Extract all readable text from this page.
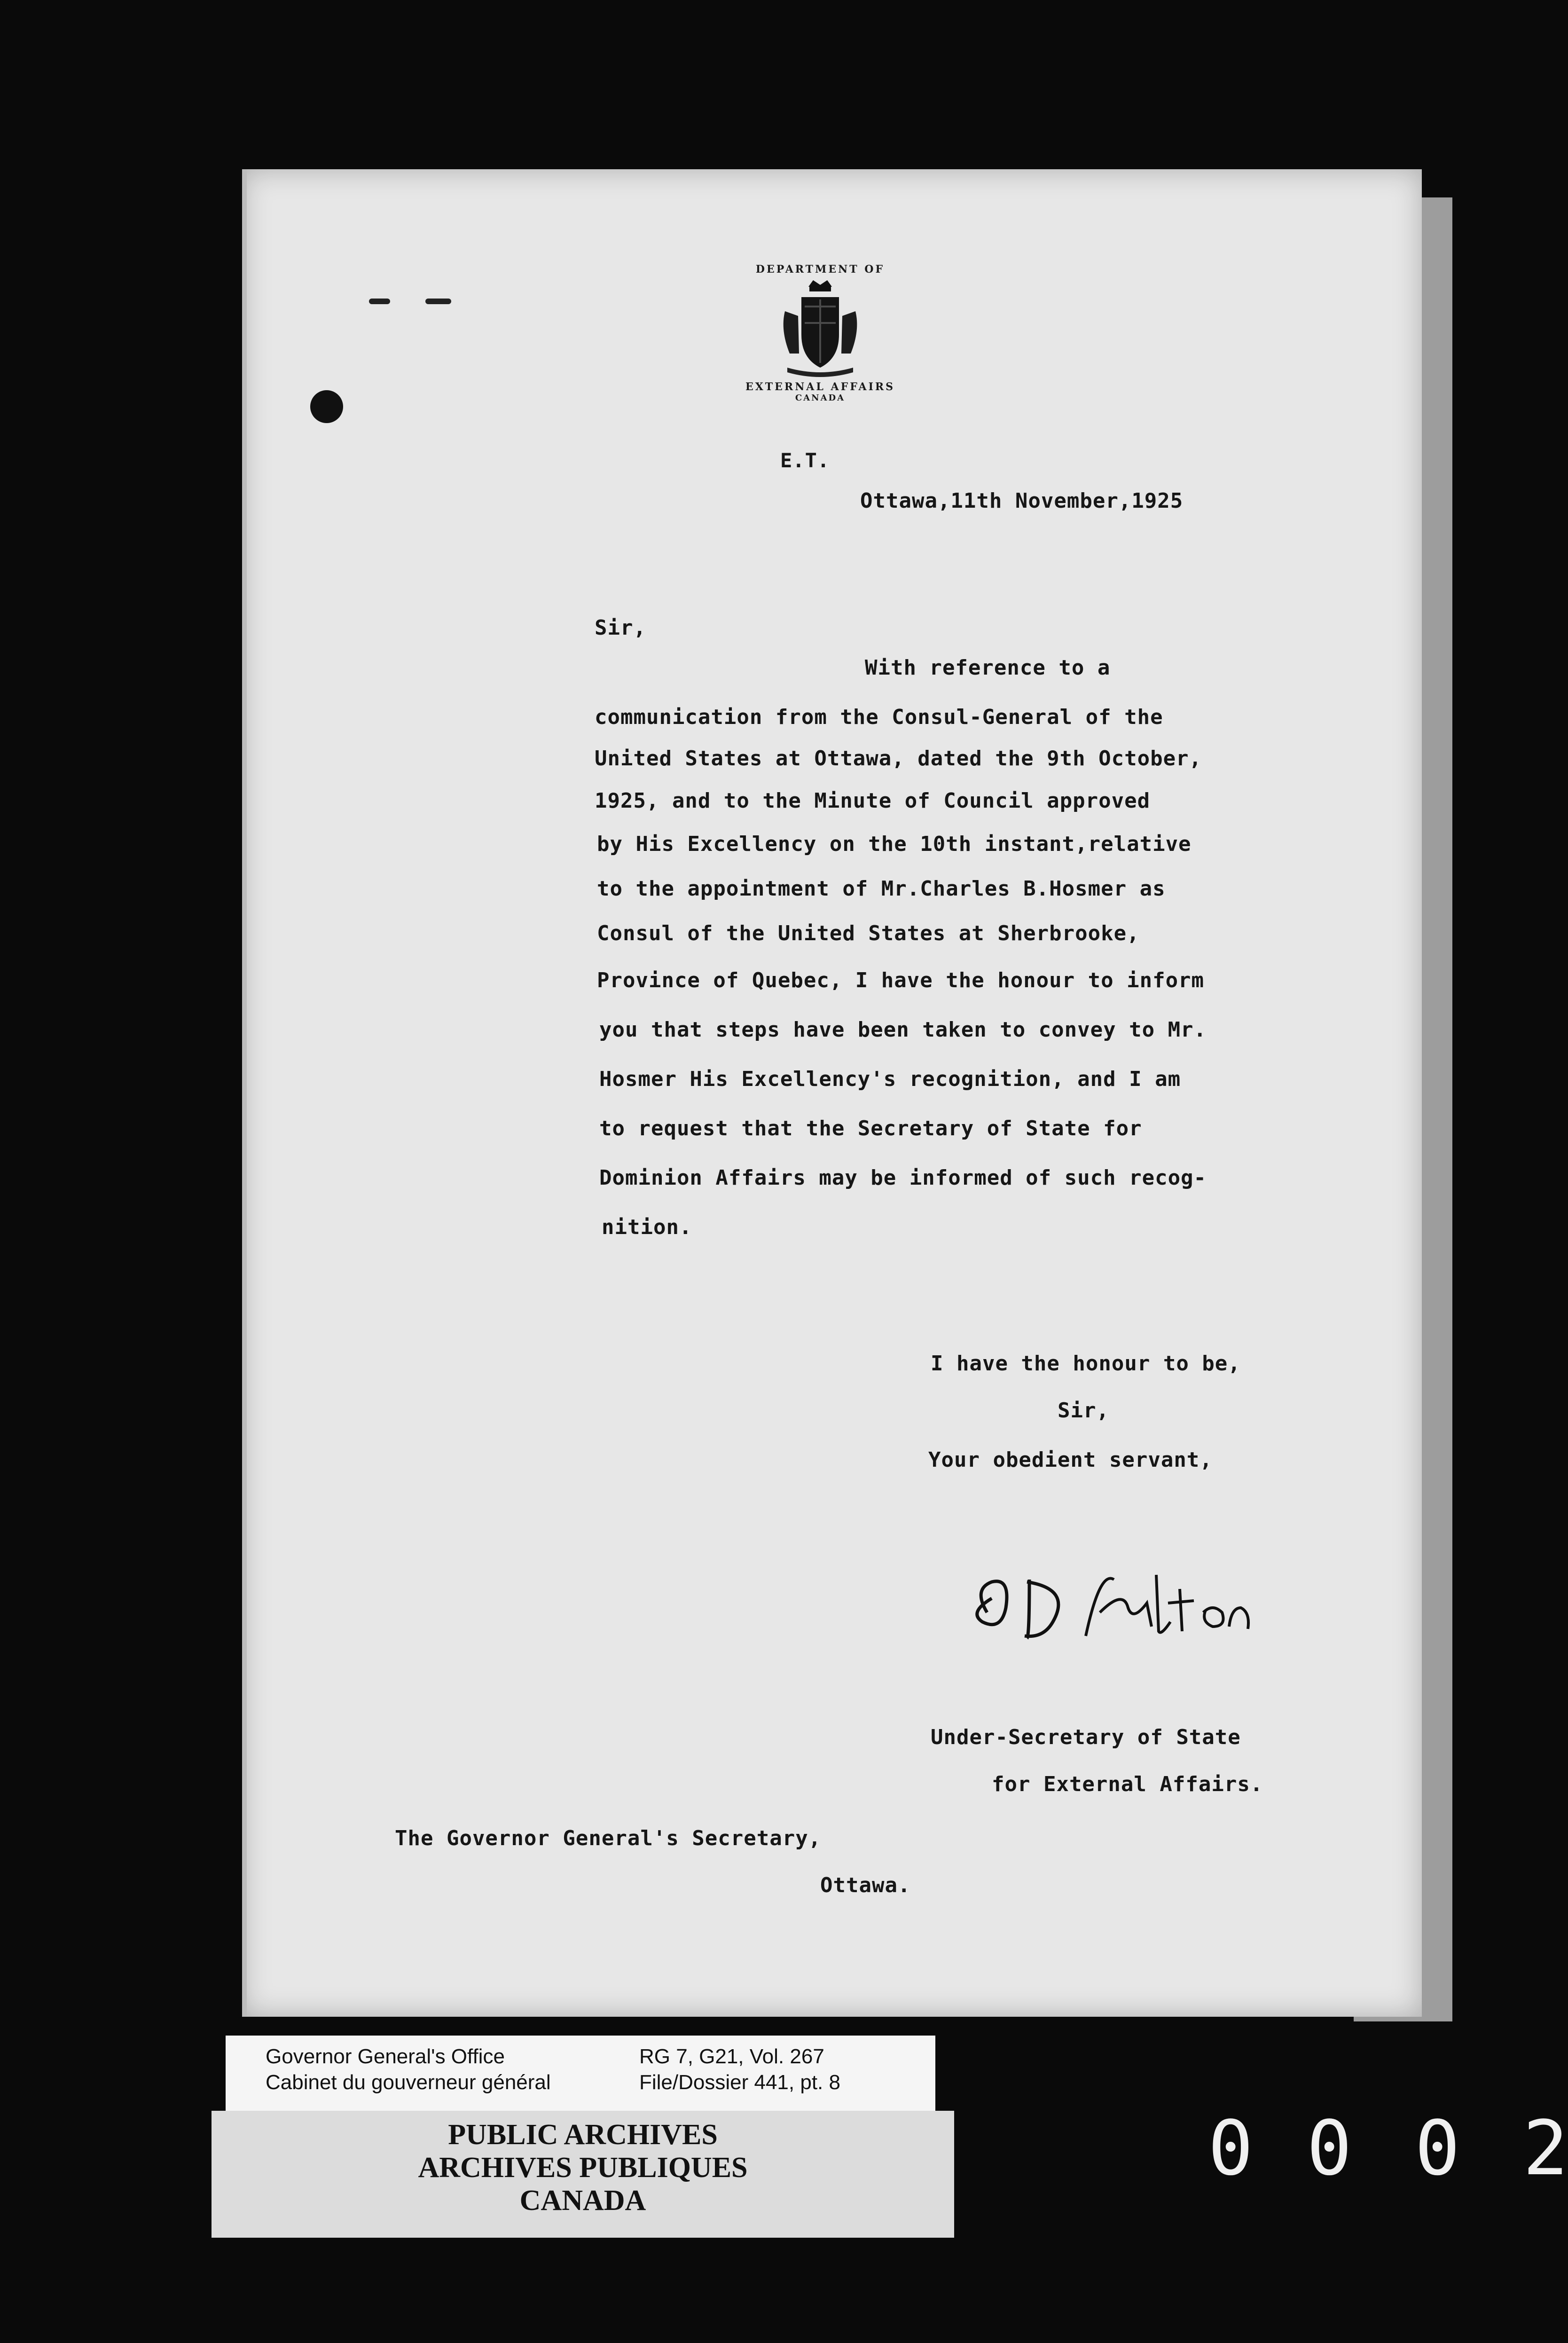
DEPARTMENT OF
EXTERNAL AFFAIRS
CANADA
E.T.
Ottawa,11th November,1925
Sir,
With reference to a
communication from the Consul-General of the
United States at Ottawa, dated the 9th October,
1925, and to the Minute of Council approved
by His Excellency on the 10th instant,relative
to the appointment of Mr.Charles B.Hosmer as
Consul of the United States at Sherbrooke,
Province of Quebec, I have the honour to inform
you that steps have been taken to convey to Mr.
Hosmer His Excellency's recognition, and I am
to request that the Secretary of State for
Dominion Affairs may be informed of such recog-
nition.
I have the honour to be,
Sir,
Your obedient servant,
Under-Secretary of State
for External Affairs.
The Governor General's Secretary,
Ottawa.
Governor General's Office
Cabinet du gouverneur général
RG 7, G21, Vol. 267
File/Dossier 441, pt. 8
PUBLIC ARCHIVES
ARCHIVES PUBLIQUES
CANADA
0 0 0 2
